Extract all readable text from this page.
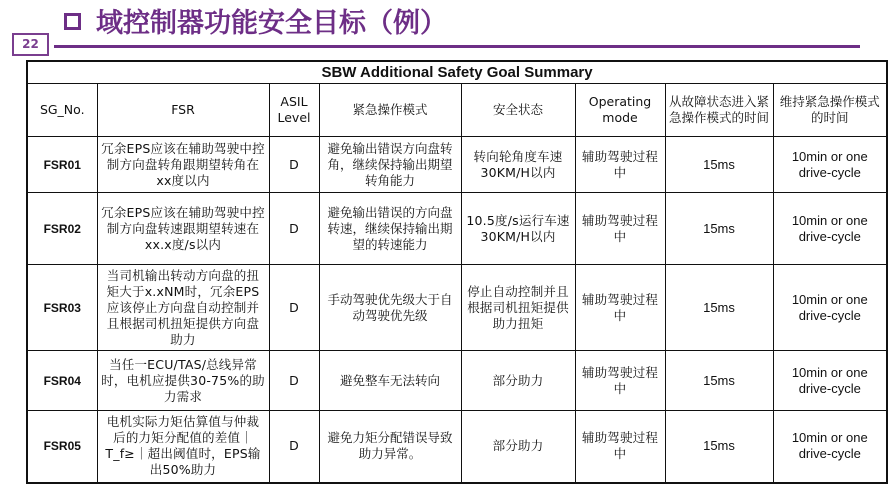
域控制器功能安全目标（例）
22
SBW Additional Safety Goal Summary							
SG_No.	FSR	ASIL Level	紧急操作模式	安全状态	Operating mode	从故障状态进入紧急操作模式的时间	维持紧急操作模式的时间
FSR01	冗余EPS应该在辅助驾驶中控制方向盘转角跟期望转角在xx度以内	D	避免输出错误方向盘转角，继续保持输出期望转角能力	转向轮角度车速30KM/H以内	辅助驾驶过程中	15ms	10min or one drive-cycle
FSR02	冗余EPS应该在辅助驾驶中控制方向盘转速跟期望转速在xx.x度/s以内	D	避免输出错误的方向盘转速，继续保持输出期望的转速能力	10.5度/s运行车速30KM/H以内	辅助驾驶过程中	15ms	10min or one drive-cycle
FSR03	当司机输出转动方向盘的扭矩大于x.xNM时，冗余EPS应该停止方向盘自动控制并且根据司机扭矩提供方向盘助力	D	手动驾驶优先级大于自动驾驶优先级	停止自动控制并且根据司机扭矩提供助力扭矩	辅助驾驶过程中	15ms	10min or one drive-cycle
FSR04	当任一ECU/TAS/总线异常时，电机应提供30-75%的助力需求	D	避免整车无法转向	部分助力	辅助驾驶过程中	15ms	10min or one drive-cycle
FSR05	电机实际力矩估算值与仲裁后的力矩分配值的差值｜T_f≥｜超出阈值时，EPS输出50%助力	D	避免力矩分配错误导致助力异常。	部分助力	辅助驾驶过程中	15ms	10min or one drive-cycle
